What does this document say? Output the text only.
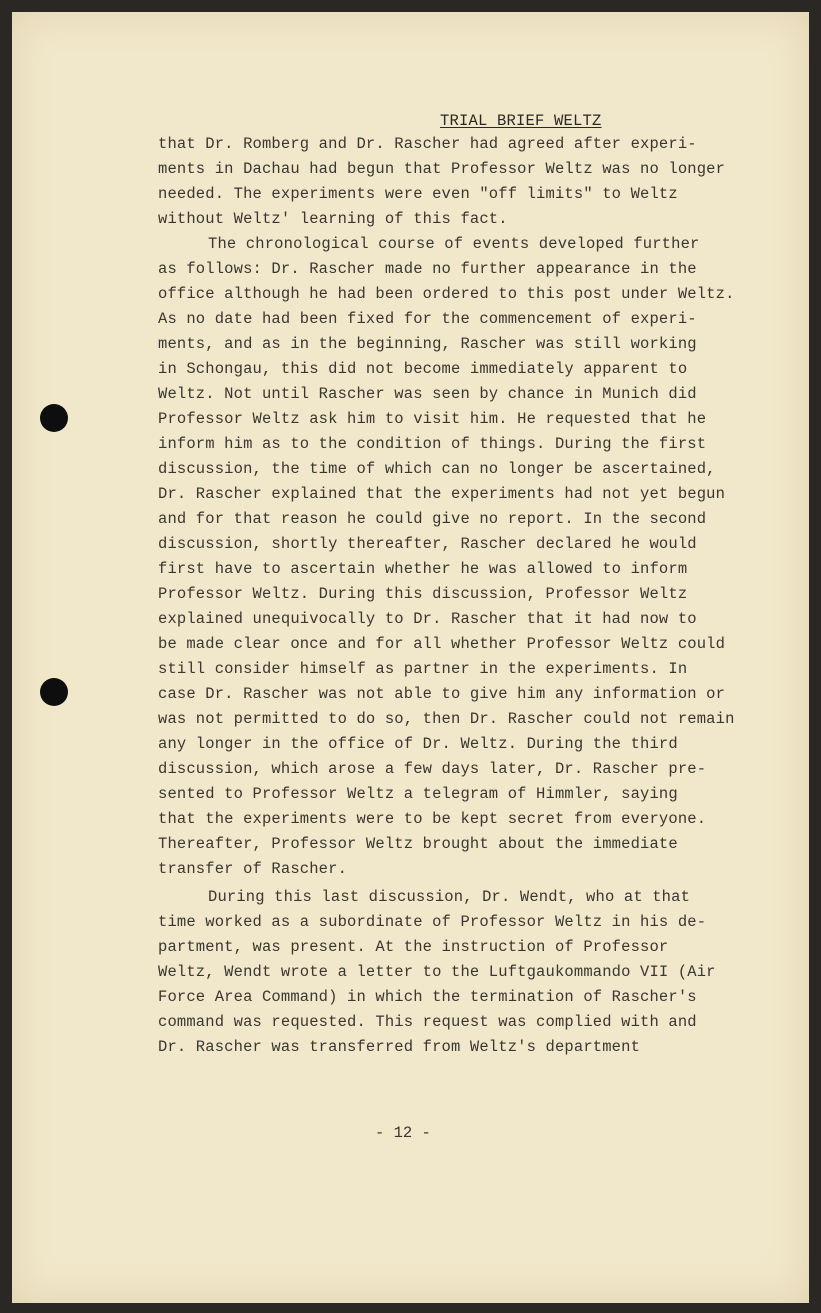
TRIAL BRIEF WELTZ
that Dr. Romberg and Dr. Rascher had agreed after experi-
ments in Dachau had begun that Professor Weltz was no longer
needed. The experiments were even "off limits" to Weltz
without Weltz' learning of this fact.
The chronological course of events developed further
as follows: Dr. Rascher made no further appearance in the
office although he had been ordered to this post under Weltz.
As no date had been fixed for the commencement of experi-
ments, and as in the beginning, Rascher was still working
in Schongau, this did not become immediately apparent to
Weltz. Not until Rascher was seen by chance in Munich did
Professor Weltz ask him to visit him. He requested that he
inform him as to the condition of things. During the first
discussion, the time of which can no longer be ascertained,
Dr. Rascher explained that the experiments had not yet begun
and for that reason he could give no report. In the second
discussion, shortly thereafter, Rascher declared he would
first have to ascertain whether he was allowed to inform
Professor Weltz. During this discussion, Professor Weltz
explained unequivocally to Dr. Rascher that it had now to
be made clear once and for all whether Professor Weltz could
still consider himself as partner in the experiments. In
case Dr. Rascher was not able to give him any information or
was not permitted to do so, then Dr. Rascher could not remain
any longer in the office of Dr. Weltz. During the third
discussion, which arose a few days later, Dr. Rascher pre-
sented to Professor Weltz a telegram of Himmler, saying
that the experiments were to be kept secret from everyone.
Thereafter, Professor Weltz brought about the immediate
transfer of Rascher.
During this last discussion, Dr. Wendt, who at that
time worked as a subordinate of Professor Weltz in his de-
partment, was present. At the instruction of Professor
Weltz, Wendt wrote a letter to the Luftgaukommando VII (Air
Force Area Command) in which the termination of Rascher's
command was requested. This request was complied with and
Dr. Rascher was transferred from Weltz's department
- 12 -
